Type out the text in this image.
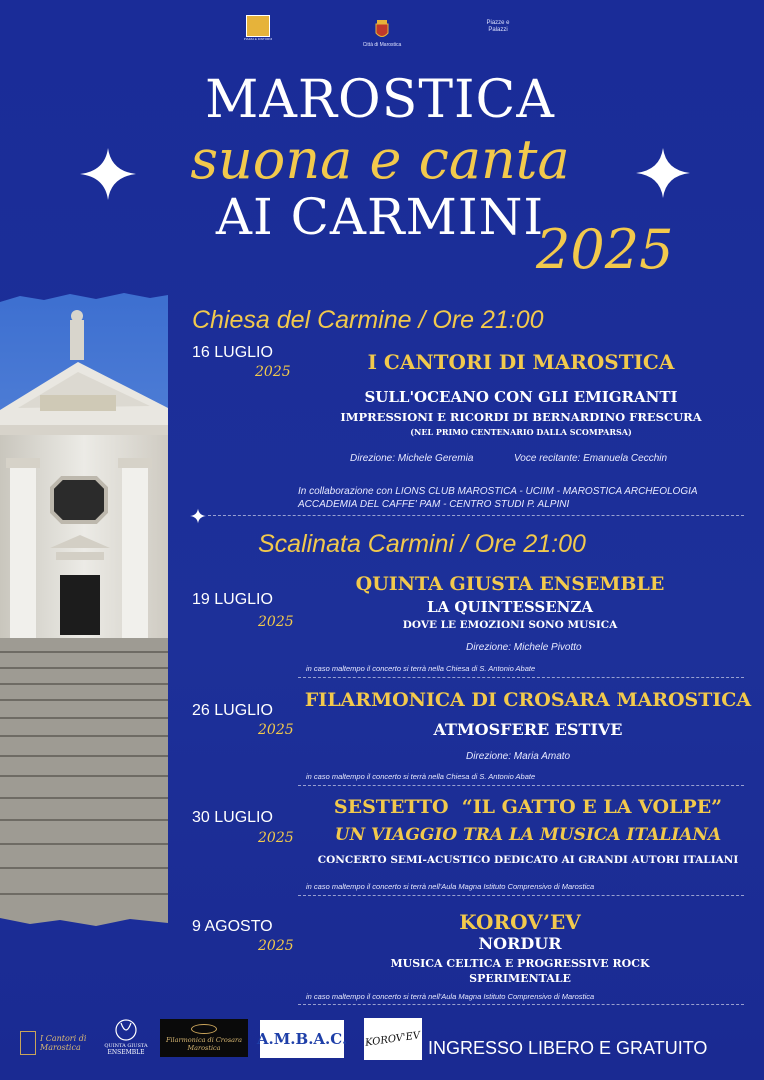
PIAZZA E DINTORNI
Città di Marostica
Piazze e Palazzi
MAROSTICA
suona e canta
AI CARMINI
2025
Chiesa del Carmine / Ore 21:00
16 LUGLIO
2025	I CANTORI DI MAROSTICA
SULL'OCEANO CON GLI EMIGRANTI
IMPRESSIONI E RICORDI DI BERNARDINO FRESCURA
(NEL PRIMO CENTENARIO DALLA SCOMPARSA)
Direzione: Michele Geremia	Voce recitante: Emanuela Cecchin
In collaborazione con LIONS CLUB MAROSTICA - UCIIM - MAROSTICA ARCHEOLOGIA
ACCADEMIA DEL CAFFE' PAM - CENTRO STUDI P. ALPINI
Scalinata Carmini / Ore 21:00
19 LUGLIO
2025
QUINTA GIUSTA ENSEMBLE
LA QUINTESSENZA
DOVE LE EMOZIONI SONO MUSICA
Direzione: Michele Pivotto
in caso maltempo il concerto si terrà nella Chiesa di S. Antonio Abate
26 LUGLIO
2025
FILARMONICA DI CROSARA MAROSTICA
ATMOSFERE ESTIVE
Direzione: Maria Amato
in caso maltempo il concerto si terrà nella Chiesa di S. Antonio Abate
30 LUGLIO
2025
SESTETTO  “IL GATTO E LA VOLPE”
UN VIAGGIO TRA LA MUSICA ITALIANA
CONCERTO SEMI-ACUSTICO DEDICATO AI GRANDI AUTORI ITALIANI
in caso maltempo il concerto si terrà nell'Aula Magna Istituto Comprensivo di Marostica
9 AGOSTO
2025
KOROV’EV
NORDUR
MUSICA CELTICA E PROGRESSIVE ROCK
SPERIMENTALE
in caso maltempo il concerto si terrà nell'Aula Magna Istituto Comprensivo di Marostica
I Cantori di Marostica	QUINTA GIUSTA
ENSEMBLE
Filarmonica di Crosara
Marostica A.M.B.A.C. KOROV'EV INGRESSO LIBERO E GRATUITO
